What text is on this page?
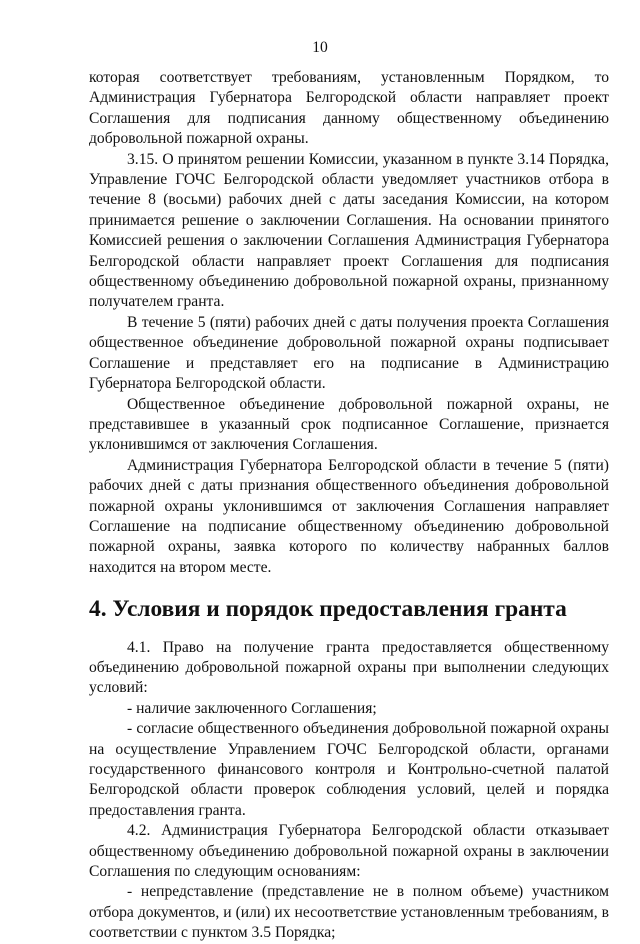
10

которая соответствует требованиям, установленным Порядком, то Администрация Губернатора Белгородской области направляет проект Соглашения для подписания данному общественному объединению добровольной пожарной охраны.

3.15. О принятом решении Комиссии, указанном в пункте 3.14 Порядка, Управление ГОЧС Белгородской области уведомляет участников отбора в течение 8 (восьми) рабочих дней с даты заседания Комиссии, на котором принимается решение о заключении Соглашения. На основании принятого Комиссией решения о заключении Соглашения Администрация Губернатора Белгородской области направляет проект Соглашения для подписания общественному объединению добровольной пожарной охраны, признанному получателем гранта.

В течение 5 (пяти) рабочих дней с даты получения проекта Соглашения общественное объединение добровольной пожарной охраны подписывает Соглашение и представляет его на подписание в Администрацию Губернатора Белгородской области.

Общественное объединение добровольной пожарной охраны, не представившее в указанный срок подписанное Соглашение, признается уклонившимся от заключения Соглашения.

Администрация Губернатора Белгородской области в течение 5 (пяти) рабочих дней с даты признания общественного объединения добровольной пожарной охраны уклонившимся от заключения Соглашения направляет Соглашение на подписание общественному объединению добровольной пожарной охраны, заявка которого по количеству набранных баллов находится на втором месте.

4. Условия и порядок предоставления гранта

4.1. Право на получение гранта предоставляется общественному объединению добровольной пожарной охраны при выполнении следующих условий:

- наличие заключенного Соглашения;

- согласие общественного объединения добровольной пожарной охраны на осуществление Управлением ГОЧС Белгородской области, органами государственного финансового контроля и Контрольно-счетной палатой Белгородской области проверок соблюдения условий, целей и порядка предоставления гранта.

4.2. Администрация Губернатора Белгородской области отказывает общественному объединению добровольной пожарной охраны в заключении Соглашения по следующим основаниям:

- непредставление (представление не в полном объеме) участником отбора документов, и (или) их несоответствие установленным требованиям, в соответствии с пунктом 3.5 Порядка;
